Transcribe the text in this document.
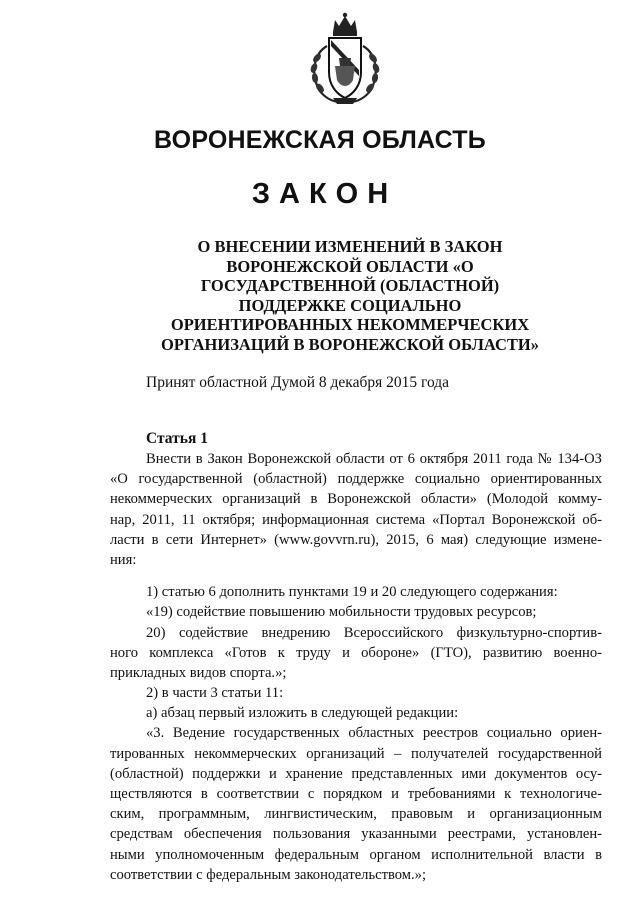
ВОРОНЕЖСКАЯ ОБЛАСТЬ
ЗАКОН
О ВНЕСЕНИИ ИЗМЕНЕНИЙ В ЗАКОН
ВОРОНЕЖСКОЙ ОБЛАСТИ «О
ГОСУДАРСТВЕННОЙ (ОБЛАСТНОЙ)
ПОДДЕРЖКЕ СОЦИАЛЬНО
ОРИЕНТИРОВАННЫХ НЕКОММЕРЧЕСКИХ
ОРГАНИЗАЦИЙ В ВОРОНЕЖСКОЙ ОБЛАСТИ»
Принят областной Думой 8 декабря 2015 года
Статья 1
Внести в Закон Воронежской области от 6 октября 2011 года № 134-ОЗ
«О государственной (областной) поддержке социально ориентированных
некоммерческих организаций в Воронежской области» (Молодой комму-
нар, 2011, 11 октября; информационная система «Портал Воронежской об-
ласти в сети Интернет» (www.govvrn.ru), 2015, 6 мая) следующие измене-
ния:
1) статью 6 дополнить пунктами 19 и 20 следующего содержания:
«19) содействие повышению мобильности трудовых ресурсов;
20) содействие внедрению Всероссийского физкультурно-спортив-
ного комплекса «Готов к труду и обороне» (ГТО), развитию военно-
прикладных видов спорта.»;
2) в части 3 статьи 11:
а) абзац первый изложить в следующей редакции:
«3. Ведение государственных областных реестров социально ориен-
тированных некоммерческих организаций – получателей государственной
(областной) поддержки и хранение представленных ими документов осу-
ществляются в соответствии с порядком и требованиями к технологиче-
ским, программным, лингвистическим, правовым и организационным
средствам обеспечения пользования указанными реестрами, установлен-
ными уполномоченным федеральным органом исполнительной власти в
соответствии с федеральным законодательством.»;
